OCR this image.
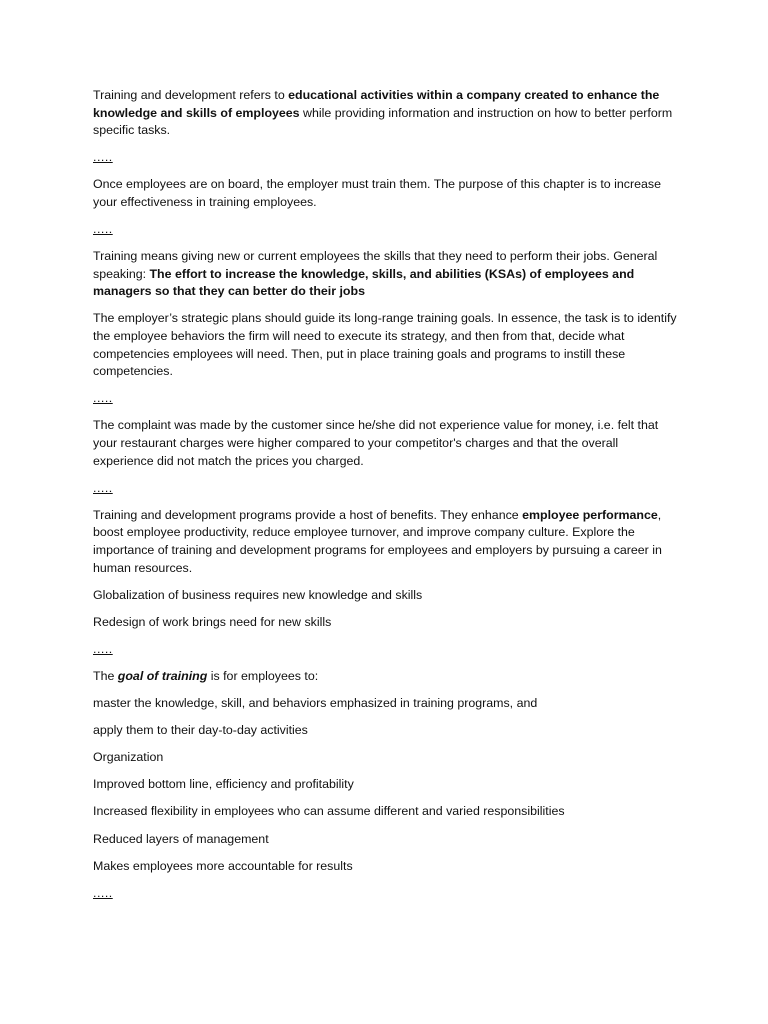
Training and development refers to educational activities within a company created to enhance the knowledge and skills of employees while providing information and instruction on how to better perform specific tasks.

.....

Once employees are on board, the employer must train them. The purpose of this chapter is to increase your effectiveness in training employees.

.....

Training means giving new or current employees the skills that they need to perform their jobs. General speaking: The effort to increase the knowledge, skills, and abilities (KSAs) of employees and managers so that they can better do their jobs

The employer’s strategic plans should guide its long-range training goals. In essence, the task is to identify the employee behaviors the firm will need to execute its strategy, and then from that, decide what competencies employees will need. Then, put in place training goals and programs to instill these competencies.

.....

The complaint was made by the customer since he/she did not experience value for money, i.e. felt that your restaurant charges were higher compared to your competitor's charges and that the overall experience did not match the prices you charged.

.....

Training and development programs provide a host of benefits. They enhance employee performance, boost employee productivity, reduce employee turnover, and improve company culture. Explore the importance of training and development programs for employees and employers by pursuing a career in human resources.

Globalization of business requires new knowledge and skills

Redesign of work brings need for new skills

.....

The goal of training is for employees to:

master the knowledge, skill, and behaviors emphasized in training programs, and

apply them to their day-to-day activities

Organization

Improved bottom line, efficiency and profitability

Increased flexibility in employees who can assume different and varied responsibilities

Reduced layers of management

Makes employees more accountable for results

.....
